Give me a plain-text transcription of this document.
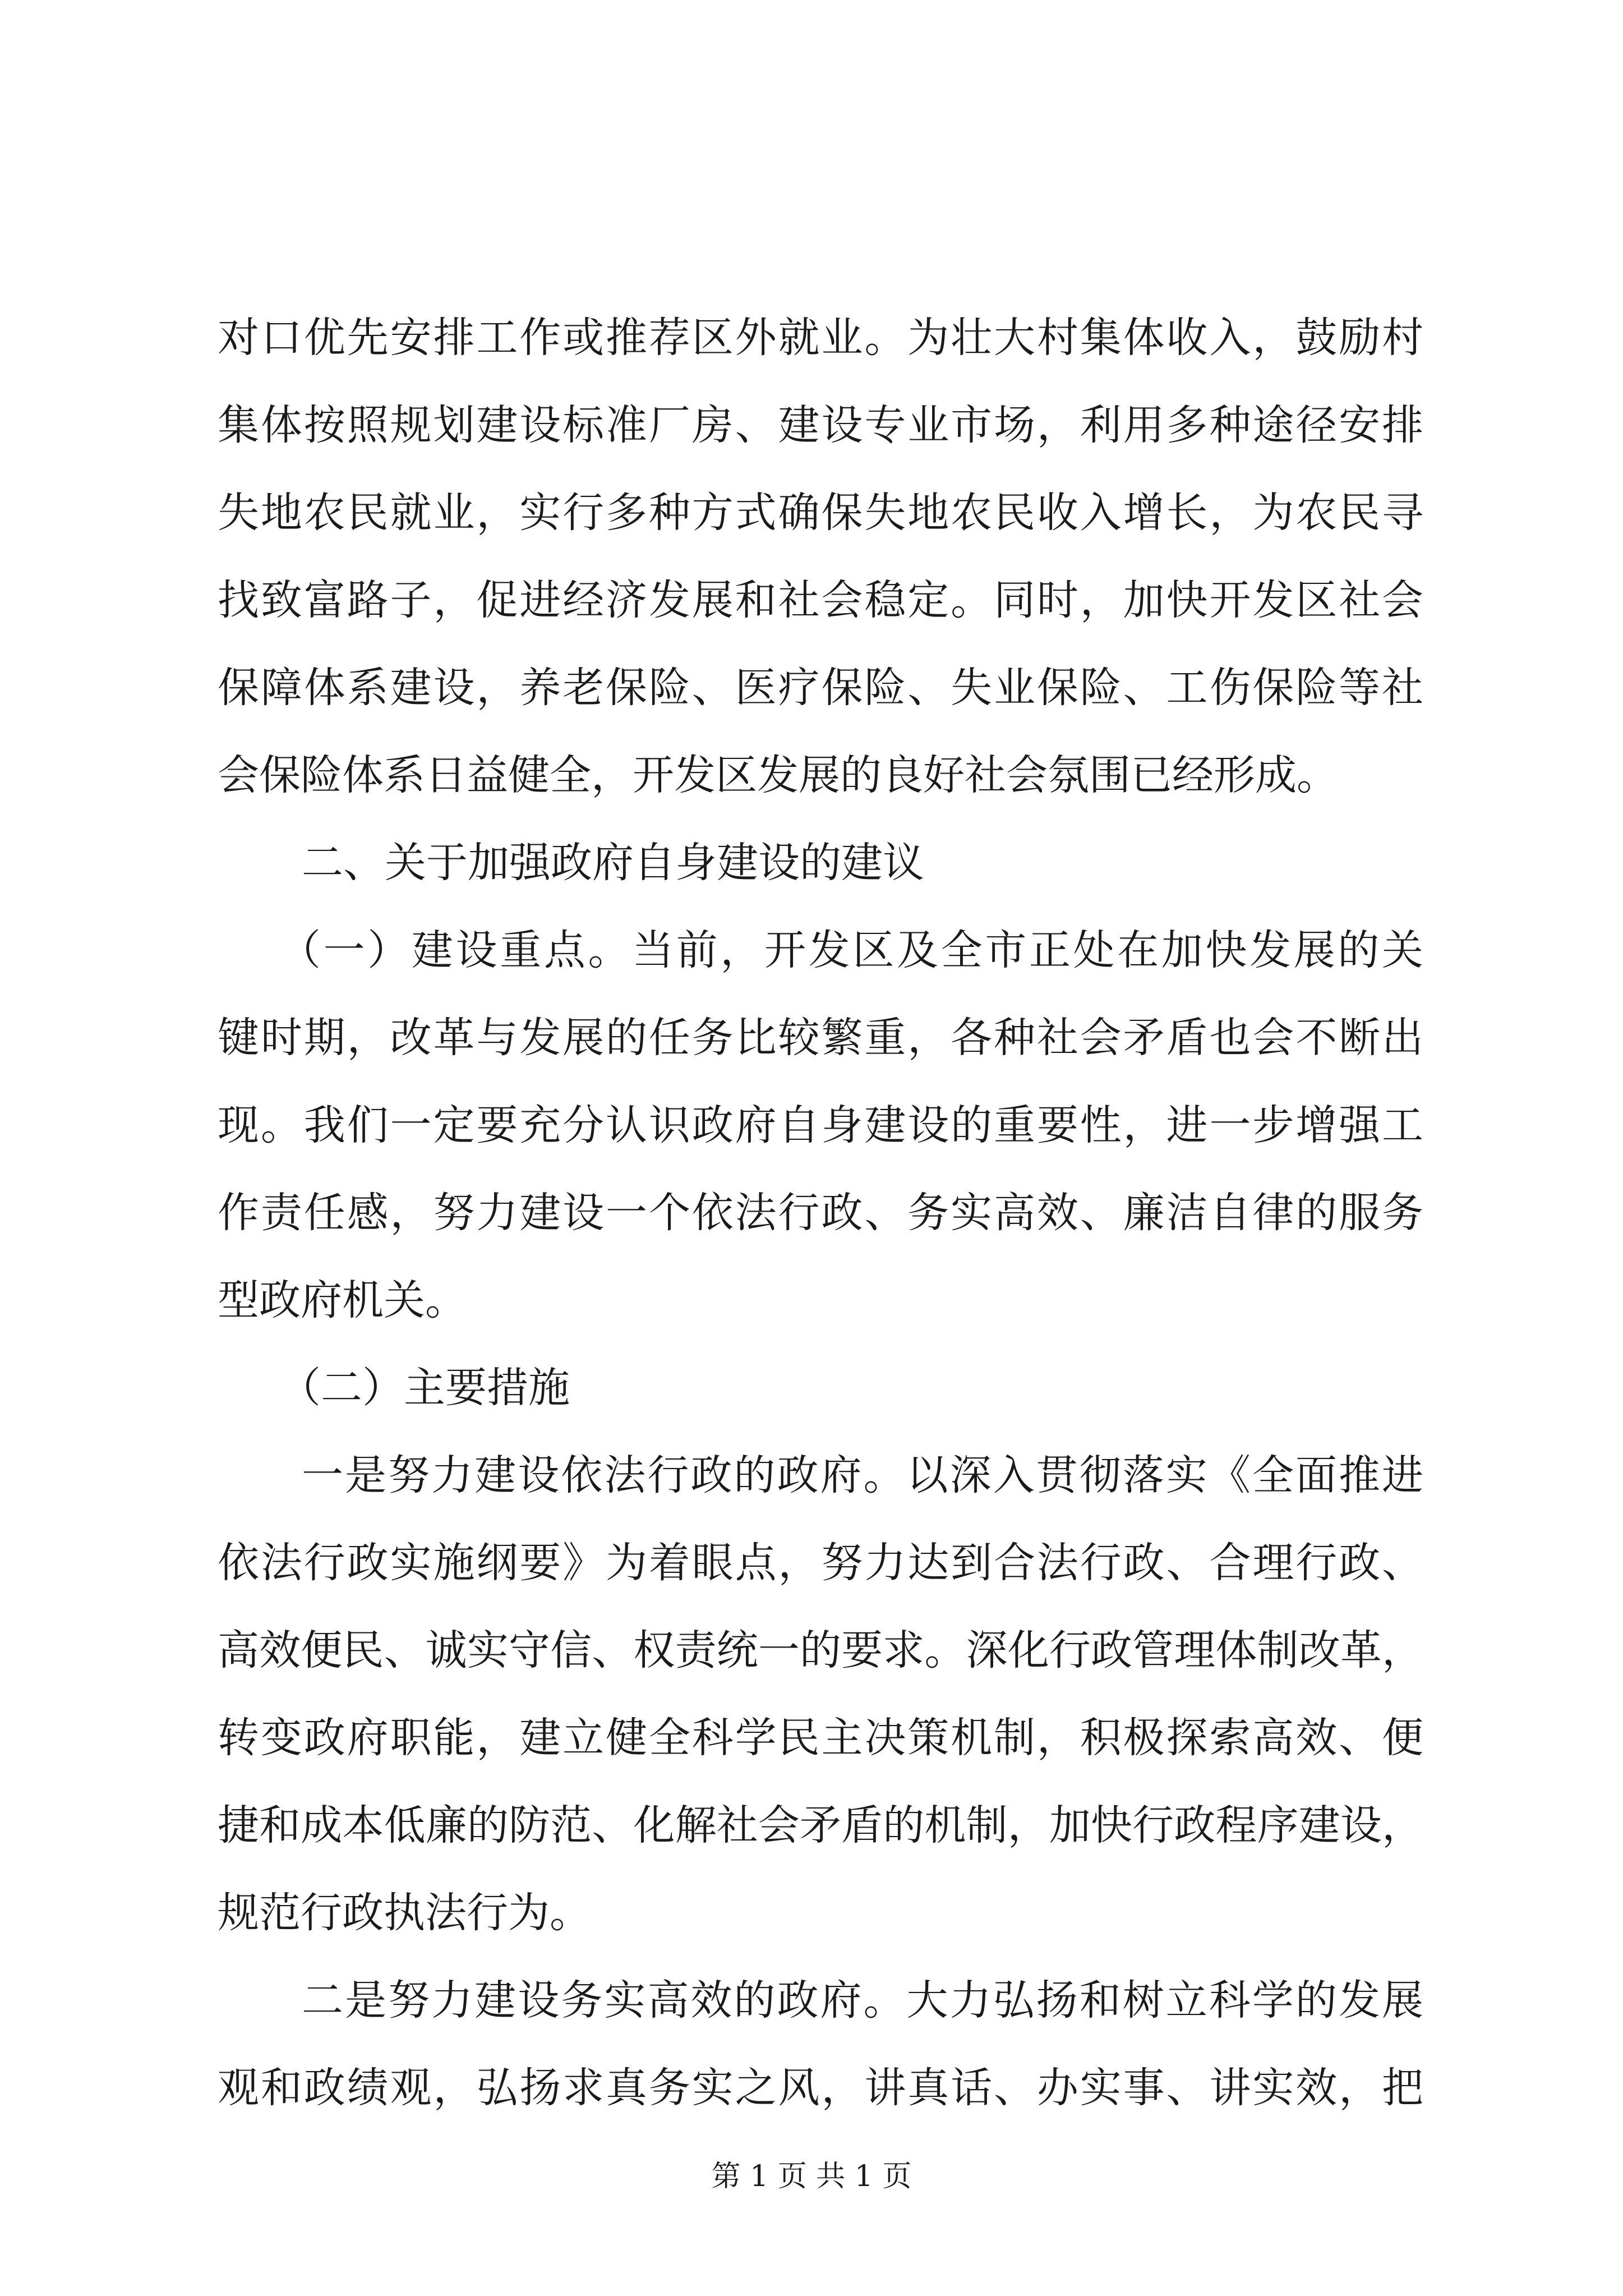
对口优先安排工作或推荐区外就业。为壮大村集体收入，鼓励村
集体按照规划建设标准厂房、建设专业市场，利用多种途径安排
失地农民就业，实行多种方式确保失地农民收入增长，为农民寻
找致富路子，促进经济发展和社会稳定。同时，加快开发区社会
保障体系建设，养老保险、医疗保险、失业保险、工伤保险等社
会保险体系日益健全，开发区发展的良好社会氛围已经形成。
二、关于加强政府自身建设的建议
（一）建设重点。当前，开发区及全市正处在加快发展的关
键时期，改革与发展的任务比较繁重，各种社会矛盾也会不断出
现。我们一定要充分认识政府自身建设的重要性，进一步增强工
作责任感，努力建设一个依法行政、务实高效、廉洁自律的服务
型政府机关。
（二）主要措施
一是努力建设依法行政的政府。以深入贯彻落实《全面推进
依法行政实施纲要》为着眼点，努力达到合法行政、合理行政、
高效便民、诚实守信、权责统一的要求。深化行政管理体制改革，
转变政府职能，建立健全科学民主决策机制，积极探索高效、便
捷和成本低廉的防范、化解社会矛盾的机制，加快行政程序建设，
规范行政执法行为。
二是努力建设务实高效的政府。大力弘扬和树立科学的发展
观和政绩观，弘扬求真务实之风，讲真话、办实事、讲实效，把
第 1 页 共 1 页
